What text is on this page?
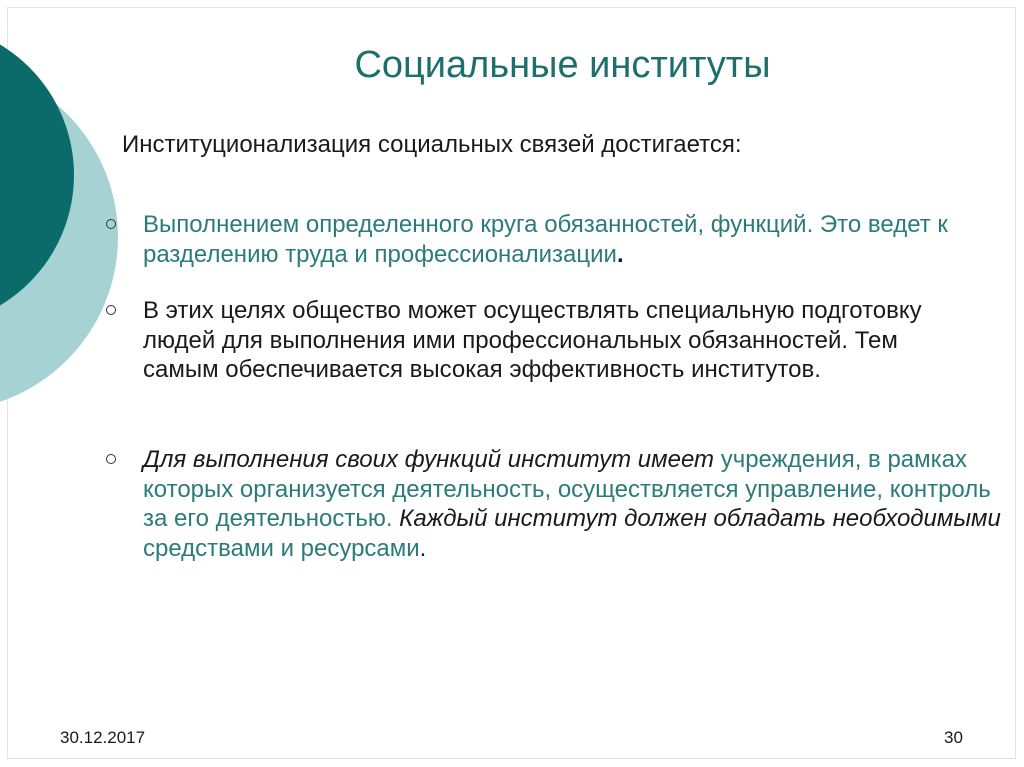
Социальные институты
Институционализация социальных связей достигается:
Выполнением определенного круга обязанностей, функций. Это ведет к разделению труда и профессионализации.
В этих целях общество может осуществлять специальную подготовку людей для выполнения ими профессиональных обязанностей. Тем самым обеспечивается высокая эффективность институтов.
Для выполнения своих функций институт имеет учреждения, в рамках которых организуется деятельность, осуществляется управление, контроль за его деятельностью. Каждый институт должен обладать необходимыми средствами и ресурсами.
30.12.2017	30
